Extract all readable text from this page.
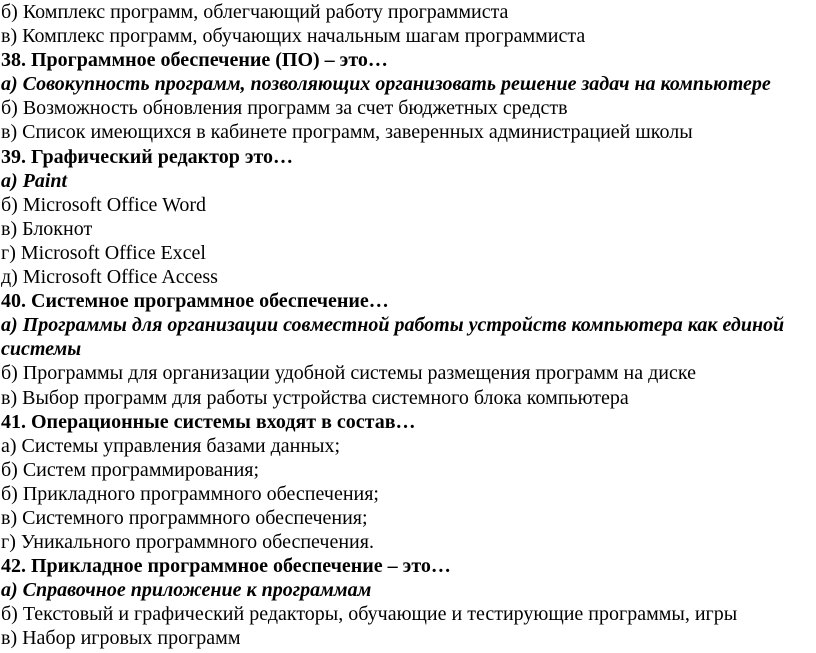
б) Комплекс программ, облегчающий работу программиста

в) Комплекс программ, обучающих начальным шагам программиста

38. Программное обеспечение (ПО) – это…

а) Совокупность программ, позволяющих организовать решение задач на компьютере

б) Возможность обновления программ за счет бюджетных средств

в) Список имеющихся в кабинете программ, заверенных администрацией школы

39. Графический редактор это…

а) Paint

б) Microsoft Office Word

в) Блокнот

г) Microsoft Office Excel

д) Microsoft Office Access

40. Системное программное обеспечение…

а) Программы для организации совместной работы устройств компьютера как единой системы

б) Программы для организации удобной системы размещения программ на диске

в) Выбор программ для работы устройства системного блока компьютера

41. Операционные системы входят в состав…

а) Системы управления базами данных;

б) Систем программирования;

б) Прикладного программного обеспечения;

в) Системного программного обеспечения;

г) Уникального программного обеспечения.

42. Прикладное программное обеспечение – это…

а) Справочное приложение к программам

б) Текстовый и графический редакторы, обучающие и тестирующие программы, игры

в) Набор игровых программ
